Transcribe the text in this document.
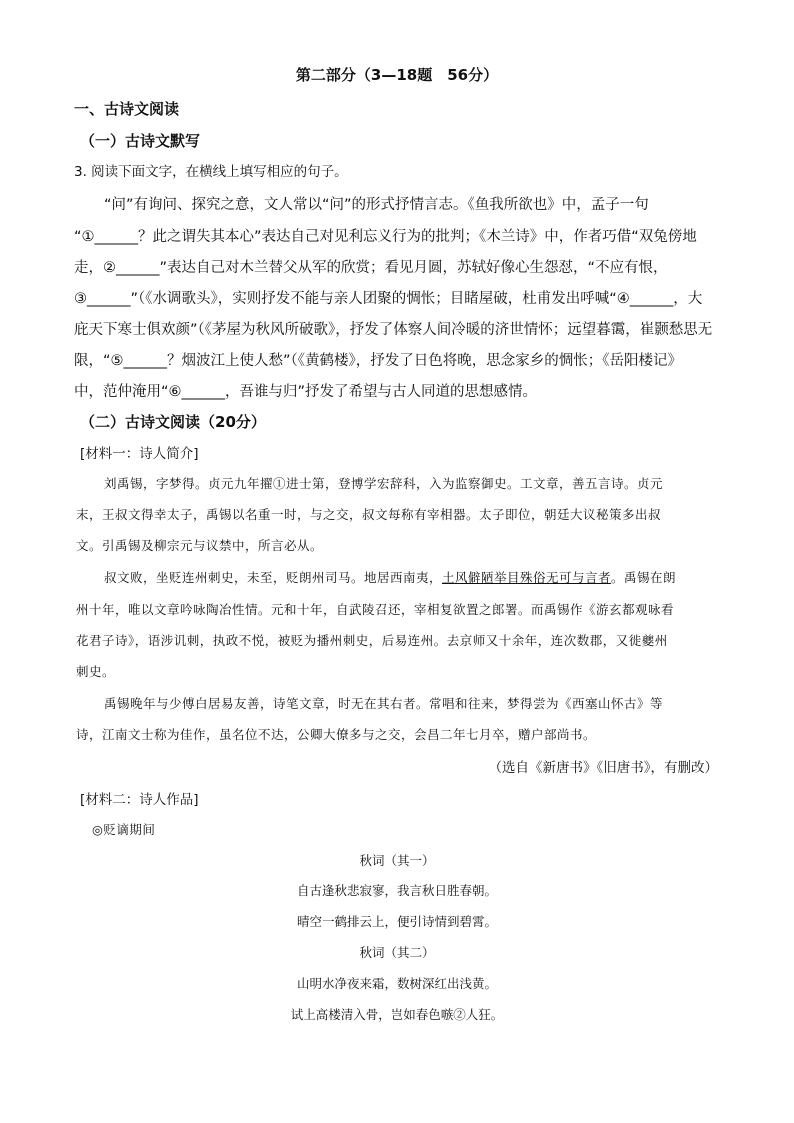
第二部分（3—18题　56分）
一、古诗文阅读
（一）古诗文默写
3. 阅读下面文字，在横线上填写相应的句子。
“问”有询问、探究之意，文人常以“问”的形式抒情言志。《鱼我所欲也》中，孟子一句
“①______？此之谓失其本心”表达自己对见利忘义行为的批判；《木兰诗》中，作者巧借“双兔傍地
走，②______”表达自己对木兰替父从军的欣赏；看见月圆，苏轼好像心生怨怼，“不应有恨，
③______”（《水调歌头》，实则抒发不能与亲人团聚的惆怅；目睹屋破，杜甫发出呼喊“④______，大
庇天下寒士俱欢颜”（《茅屋为秋风所破歌》，抒发了体察人间冷暖的济世情怀；远望暮霭，崔颢愁思无
限，“⑤______？烟波江上使人愁”（《黄鹤楼》，抒发了日色将晚，思念家乡的惆怅；《岳阳楼记》
中，范仲淹用“⑥______，吾谁与归”抒发了希望与古人同道的思想感情。
（二）古诗文阅读（20分）
[材料一：诗人简介]
刘禹锡，字梦得。贞元九年擢①进士第，登博学宏辞科，入为监察御史。工文章，善五言诗。贞元
末，王叔文得幸太子，禹锡以名重一时，与之交，叔文每称有宰相器。太子即位，朝廷大议秘策多出叔
文。引禹锡及柳宗元与议禁中，所言必从。
叔文败，坐贬连州刺史，未至，贬朗州司马。地居西南夷，土风僻陋举目殊俗无可与言者。禹锡在朗
州十年，唯以文章吟咏陶冶性情。元和十年，自武陵召还，宰相复欲置之郎署。而禹锡作《游玄都观咏看
花君子诗》，语涉讥刺，执政不悦，被贬为播州刺史，后易连州。去京师又十余年，连次数郡，又徙夔州
刺史。
禹锡晚年与少傅白居易友善，诗笔文章，时无在其右者。常唱和往来，梦得尝为《西塞山怀古》等
诗，江南文士称为佳作，虽名位不达，公卿大僚多与之交，会昌二年七月卒，赠户部尚书。
（选自《新唐书》《旧唐书》，有删改）
[材料二：诗人作品]
◎贬谪期间
秋词（其一）
自古逢秋悲寂寥，我言秋日胜春朝。
晴空一鹤排云上，便引诗情到碧霄。
秋词（其二）
山明水净夜来霜，数树深红出浅黄。
试上高楼清入骨，岂如春色嗾②人狂。
